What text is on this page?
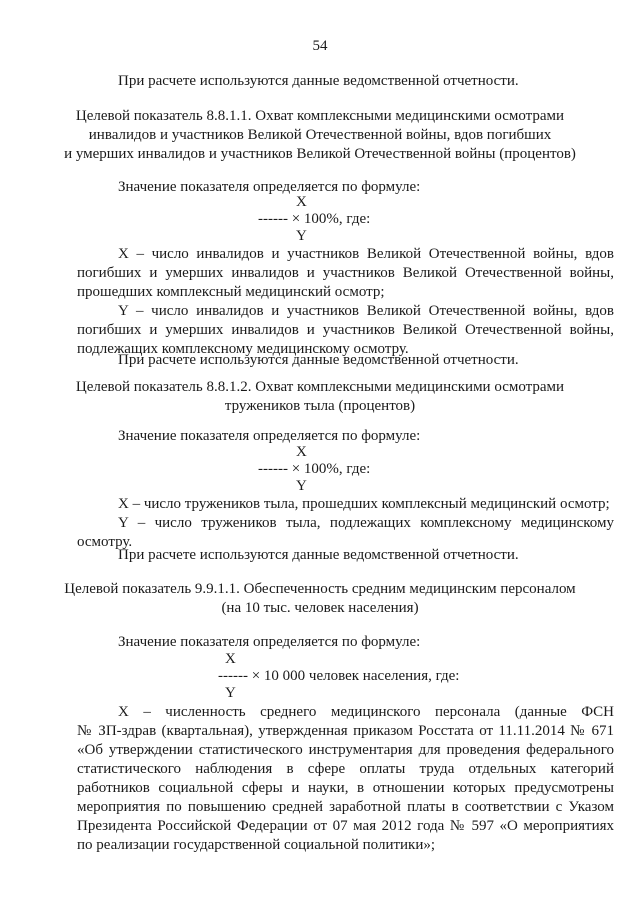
54
При расчете используются данные ведомственной отчетности.
Целевой показатель 8.8.1.1. Охват комплексными медицинскими осмотрами
инвалидов и участников Великой Отечественной войны, вдов погибших
и умерших инвалидов и участников Великой Отечественной войны (процентов)
Значение показателя определяется по формуле:
X
------ × 100%, где:
Y
X – число инвалидов и участников Великой Отечественной войны, вдов
погибших и умерших инвалидов и участников Великой Отечественной войны,
прошедших комплексный медицинский осмотр;
Y – число инвалидов и участников Великой Отечественной войны, вдов
погибших и умерших инвалидов и участников Великой Отечественной войны,
подлежащих комплексному медицинскому осмотру.
При расчете используются данные ведомственной отчетности.
Целевой показатель 8.8.1.2. Охват комплексными медицинскими осмотрами
тружеников тыла (процентов)
Значение показателя определяется по формуле:
X
------ × 100%, где:
Y
X – число тружеников тыла, прошедших комплексный медицинский осмотр;
Y – число тружеников тыла, подлежащих комплексному медицинскому
осмотру.
При расчете используются данные ведомственной отчетности.
Целевой показатель 9.9.1.1. Обеспеченность средним медицинским персоналом
(на 10 тыс. человек населения)
Значение показателя определяется по формуле:
X
------ × 10 000 человек населения, где:
Y
X – численность среднего медицинского персонала (данные ФСН
№ ЗП-здрав (квартальная), утвержденная приказом Росстата от 11.11.2014 № 671
«Об утверждении статистического инструментария для проведения федерального
статистического наблюдения в сфере оплаты труда отдельных категорий
работников социальной сферы и науки, в отношении которых предусмотрены
мероприятия по повышению средней заработной платы в соответствии с Указом
Президента Российской Федерации от 07 мая 2012 года № 597 «О мероприятиях
по реализации государственной социальной политики»;
